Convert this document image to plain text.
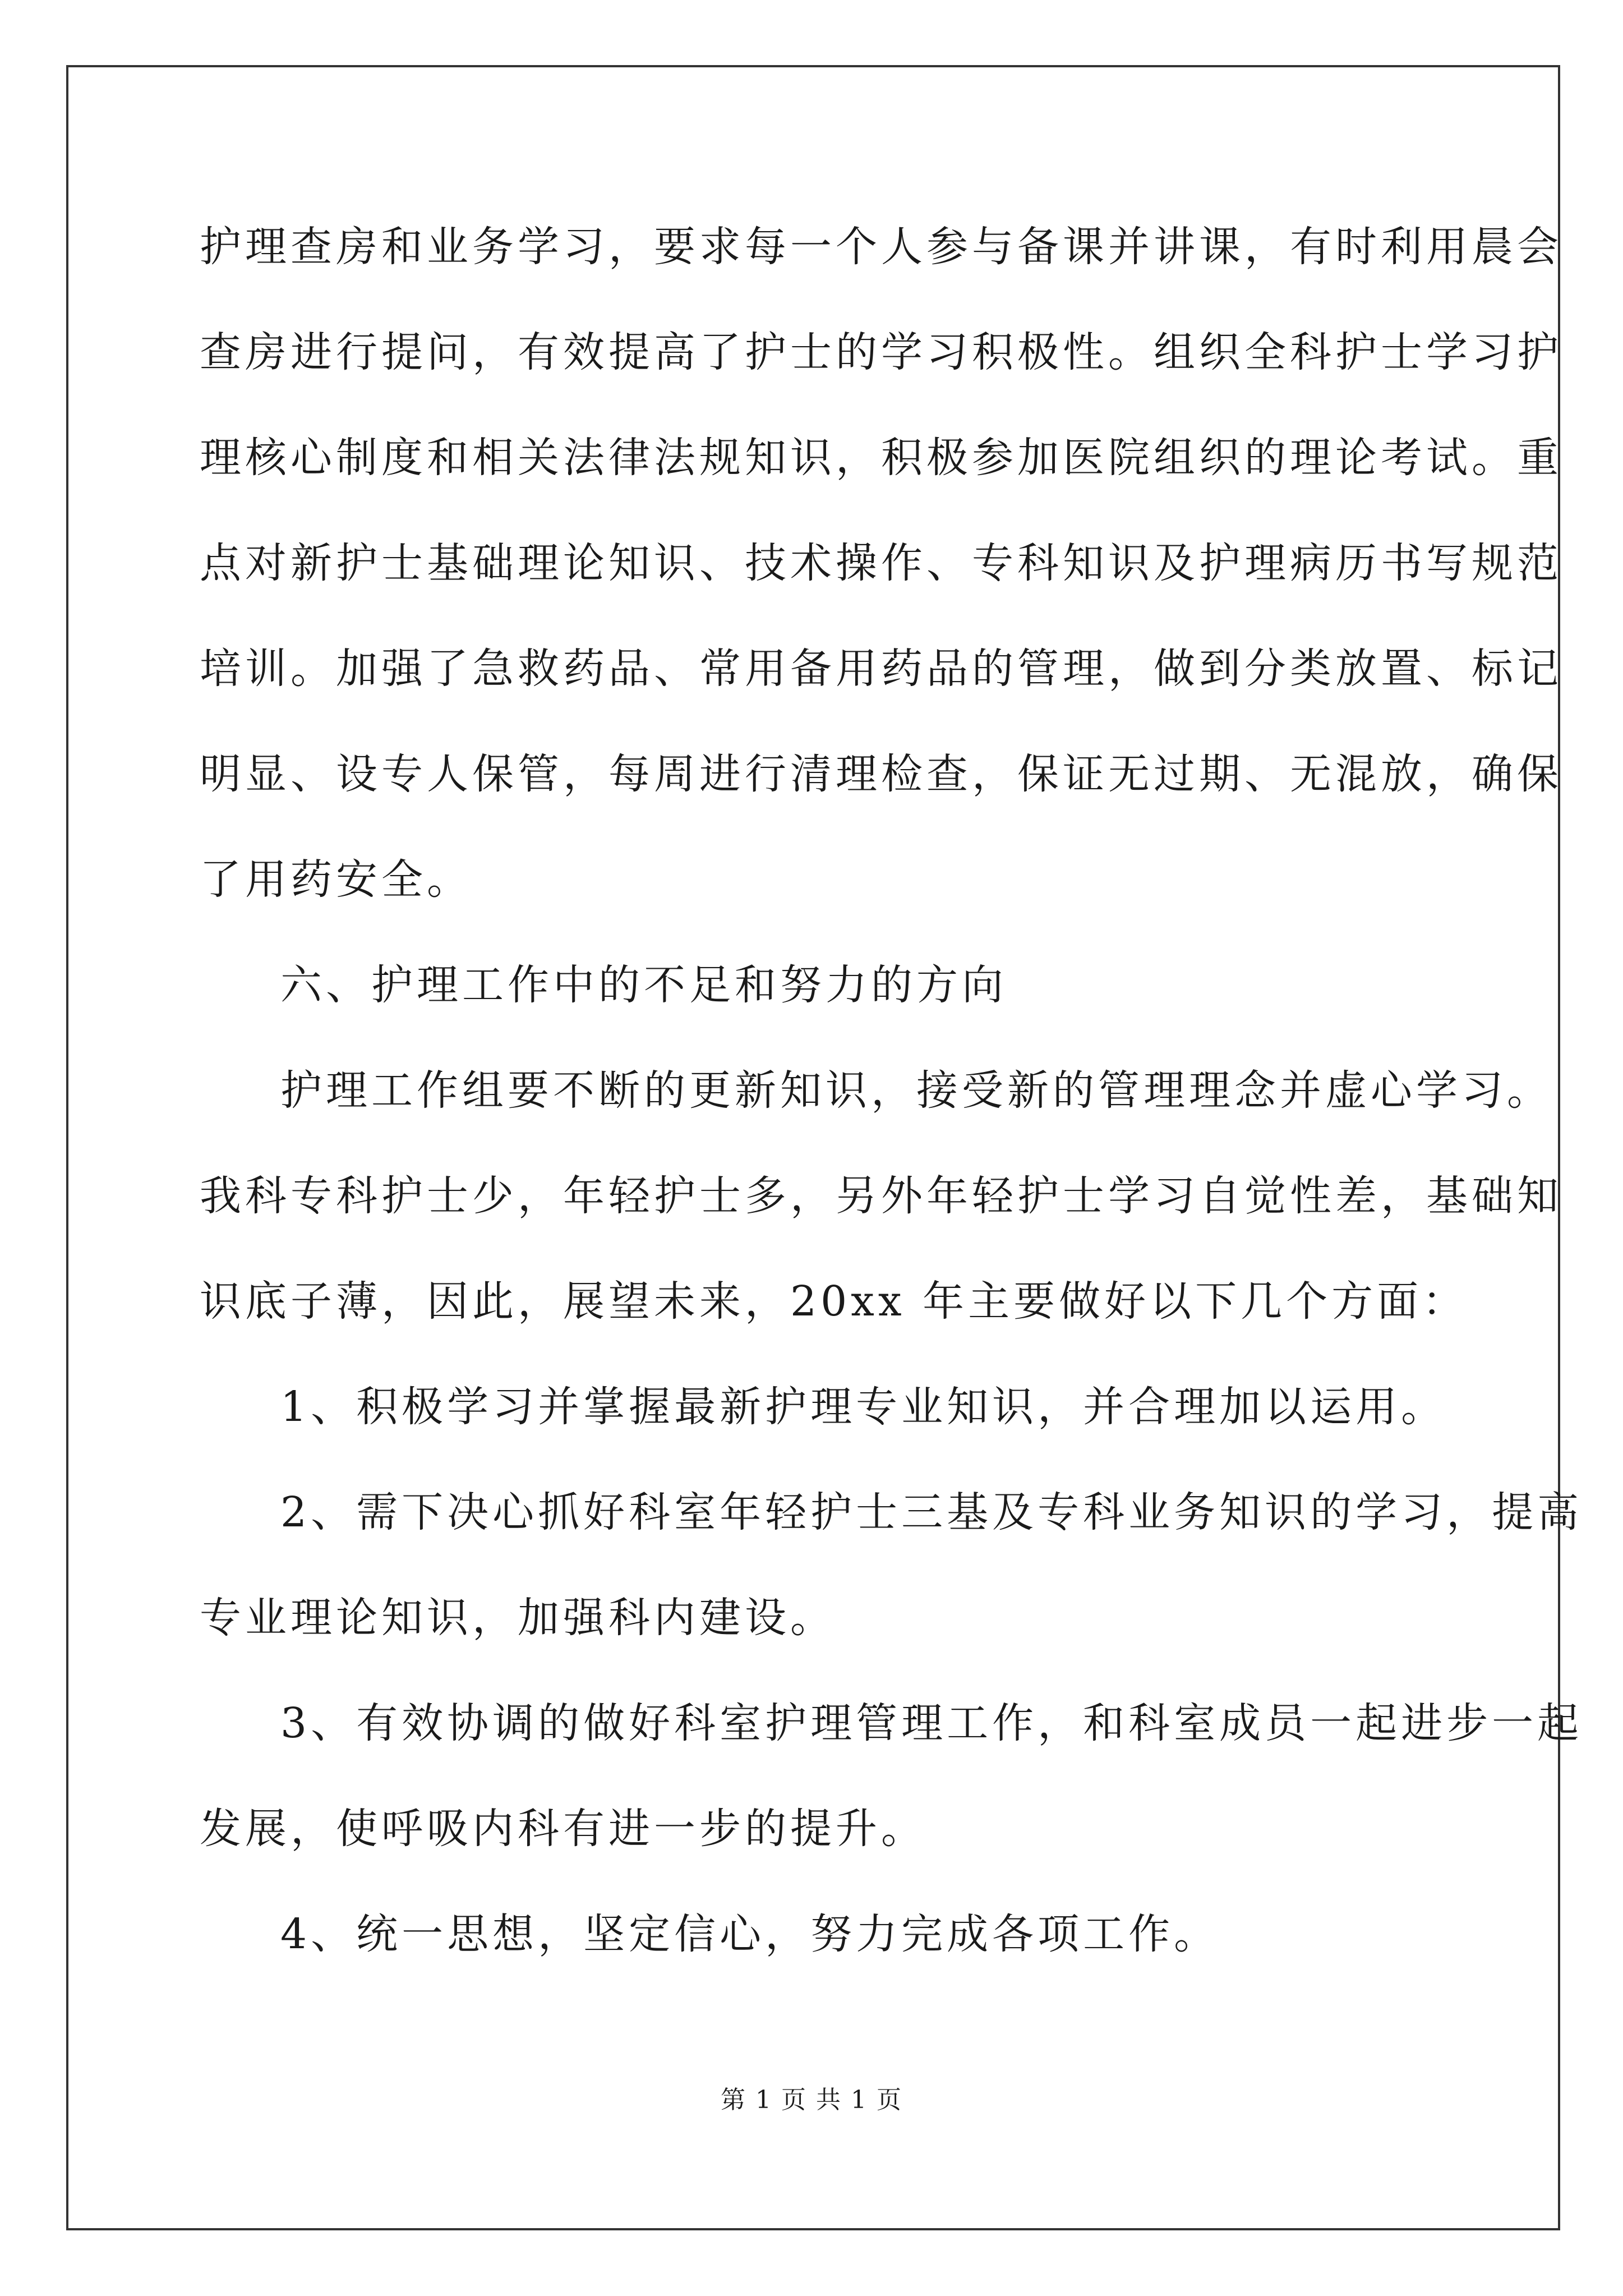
护理查房和业务学习，要求每一个人参与备课并讲课，有时利用晨会

查房进行提问，有效提高了护士的学习积极性。组织全科护士学习护

理核心制度和相关法律法规知识，积极参加医院组织的理论考试。重

点对新护士基础理论知识、技术操作、专科知识及护理病历书写规范

培训。加强了急救药品、常用备用药品的管理，做到分类放置、标记

明显、设专人保管，每周进行清理检查，保证无过期、无混放，确保

了用药安全。

六、护理工作中的不足和努力的方向

护理工作组要不断的更新知识，接受新的管理理念并虚心学习。

我科专科护士少，年轻护士多，另外年轻护士学习自觉性差，基础知

识底子薄，因此，展望未来，20xx 年主要做好以下几个方面：

1、积极学习并掌握最新护理专业知识，并合理加以运用。

2、需下决心抓好科室年轻护士三基及专科业务知识的学习，提高

专业理论知识，加强科内建设。

3、有效协调的做好科室护理管理工作，和科室成员一起进步一起

发展，使呼吸内科有进一步的提升。

4、统一思想，坚定信心，努力完成各项工作。

第 1 页 共 1 页
